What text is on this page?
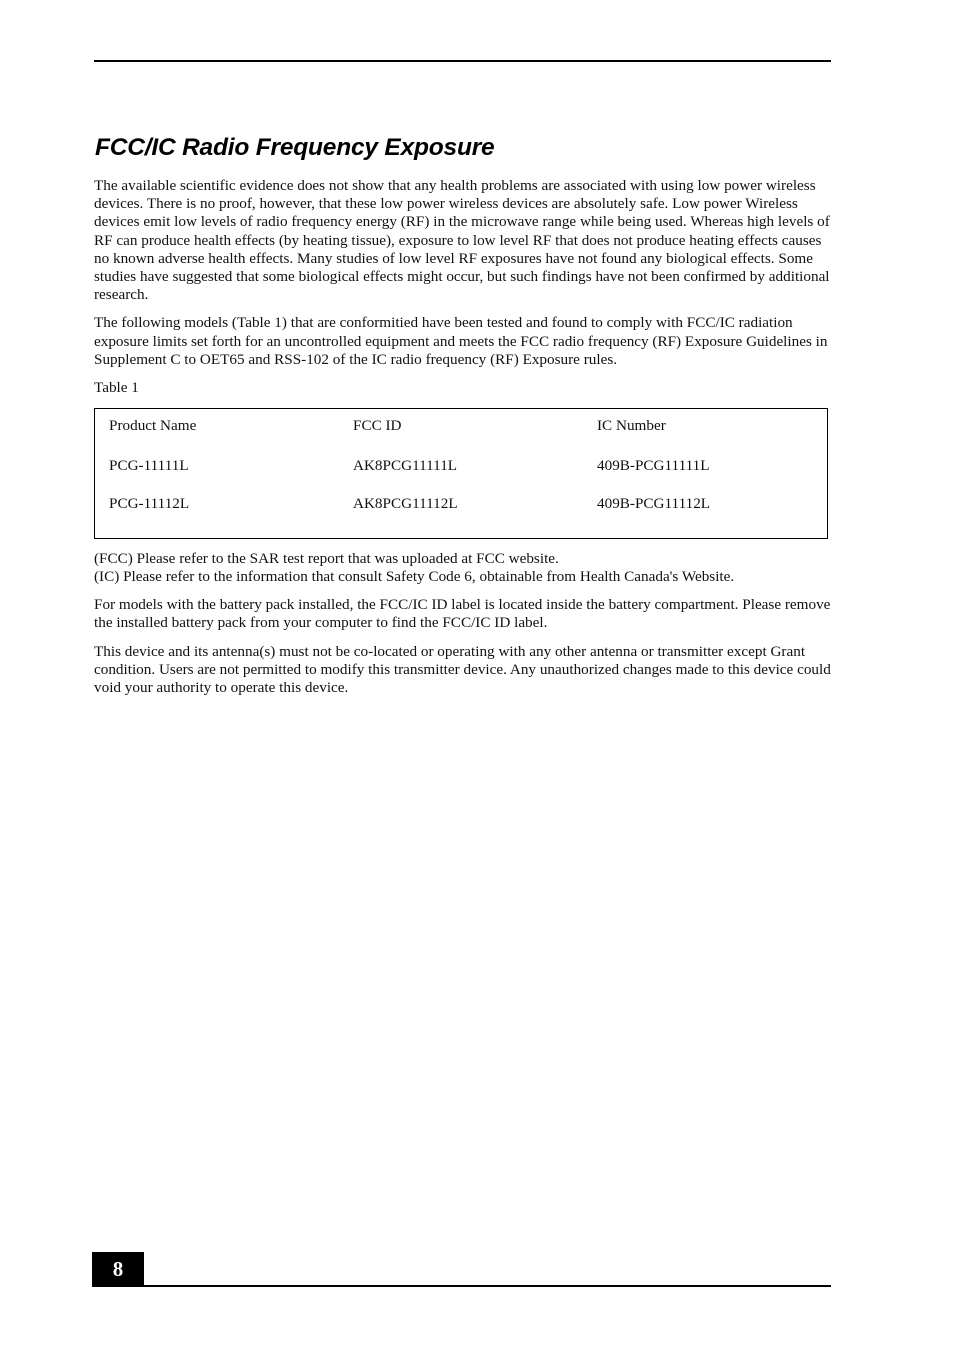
FCC/IC Radio Frequency Exposure

The available scientific evidence does not show that any health problems are associated with using low power wireless devices. There is no proof, however, that these low power wireless devices are absolutely safe. Low power Wireless devices emit low levels of radio frequency energy (RF) in the microwave range while being used. Whereas high levels of RF can produce health effects (by heating tissue), exposure to low level RF that does not produce heating effects causes no known adverse health effects. Many studies of low level RF exposures have not found any biological effects. Some studies have suggested that some biological effects might occur, but such findings have not been confirmed by additional research.

The following models (Table 1) that are conformitied have been tested and found to comply with FCC/IC radiation exposure limits set forth for an uncontrolled equipment and meets the FCC radio frequency (RF) Exposure Guidelines in Supplement C to OET65 and RSS-102 of the IC radio frequency (RF) Exposure rules.

Table 1

Product Name	FCC ID	IC Number
PCG-11111L	AK8PCG11111L	409B-PCG11111L
PCG-11112L	AK8PCG11112L	409B-PCG11112L

(FCC) Please refer to the SAR test report that was uploaded at FCC website.

(IC) Please refer to the information that consult Safety Code 6, obtainable from Health Canada's Website.

For models with the battery pack installed, the FCC/IC ID label is located inside the battery compartment. Please remove the installed battery pack from your computer to find the FCC/IC ID label.

This device and its antenna(s) must not be co-located or operating with any other antenna or transmitter except Grant condition. Users are not permitted to modify this transmitter device. Any unauthorized changes made to this device could void your authority to operate this device.

8
